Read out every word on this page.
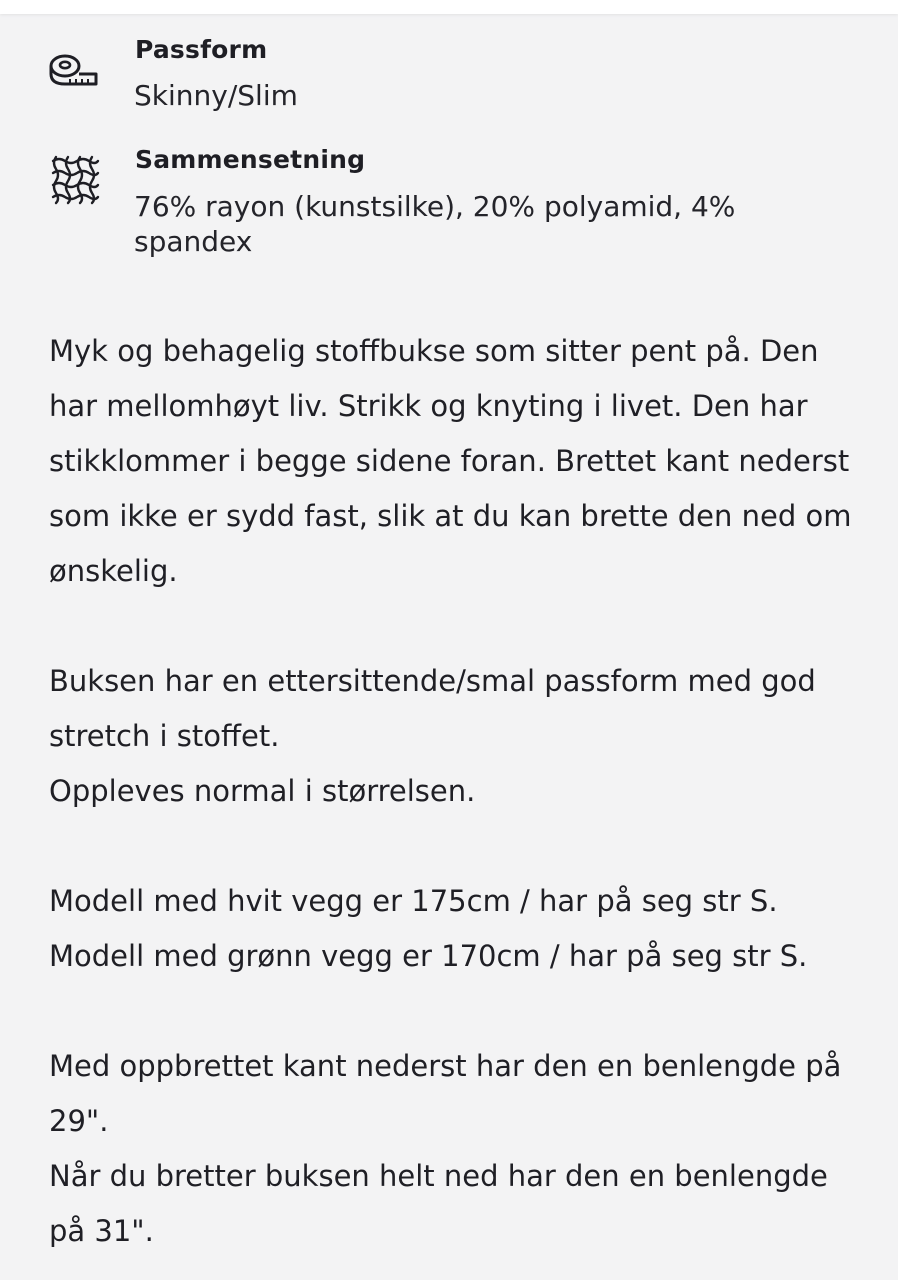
Passform
Skinny/Slim
Sammensetning
76% rayon (kunstsilke), 20% polyamid, 4% spandex

Myk og behagelig stoffbukse som sitter pent på. Den har mellomhøyt liv. Strikk og knyting i livet. Den har stikklommer i begge sidene foran. Brettet kant nederst som ikke er sydd fast, slik at du kan brette den ned om ønskelig.

Buksen har en ettersittende/smal passform med god stretch i stoffet.

Oppleves normal i størrelsen.

Modell med hvit vegg er 175cm / har på seg str S.

Modell med grønn vegg er 170cm / har på seg str S.

Med oppbrettet kant nederst har den en benlengde på 29".

Når du bretter buksen helt ned har den en benlengde på 31".
